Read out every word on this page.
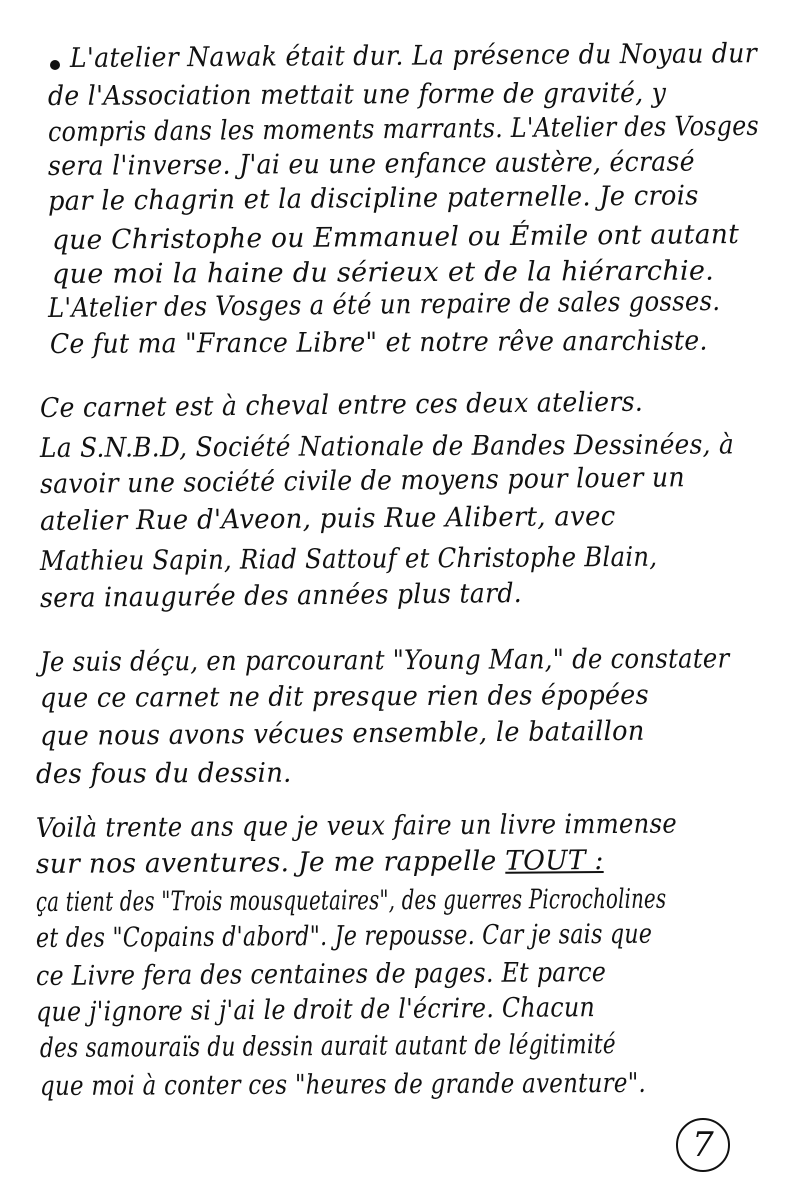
L'atelier Nawak était dur. La présence du Noyau dur
de l'Association mettait une forme de gravité, y
compris dans les moments marrants. L'Atelier des Vosges
sera l'inverse. J'ai eu une enfance austère, écrasé
par le chagrin et la discipline paternelle. Je crois
que Christophe ou Emmanuel ou Émile ont autant
que moi la haine du sérieux et de la hiérarchie.
L'Atelier des Vosges a été un repaire de sales gosses.
Ce fut ma "France Libre" et notre rêve anarchiste.
Ce carnet est à cheval entre ces deux ateliers.
La S.N.B.D, Société Nationale de Bandes Dessinées, à
savoir une société civile de moyens pour louer un
atelier Rue d'Aveon, puis Rue Alibert, avec
Mathieu Sapin, Riad Sattouf et Christophe Blain,
sera inaugurée des années plus tard.
Je suis déçu, en parcourant "Young Man," de constater
que ce carnet ne dit presque rien des épopées
que nous avons vécues ensemble, le bataillon
des fous du dessin.
Voilà trente ans que je veux faire un livre immense
sur nos aventures. Je me rappelle TOUT :
ça tient des "Trois mousquetaires", des guerres Picrocholines
et des "Copains d'abord". Je repousse. Car je sais que
ce Livre fera des centaines de pages. Et parce
que j'ignore si j'ai le droit de l'écrire. Chacun
des samouraïs du dessin aurait autant de légitimité
que moi à conter ces "heures de grande aventure".
7
